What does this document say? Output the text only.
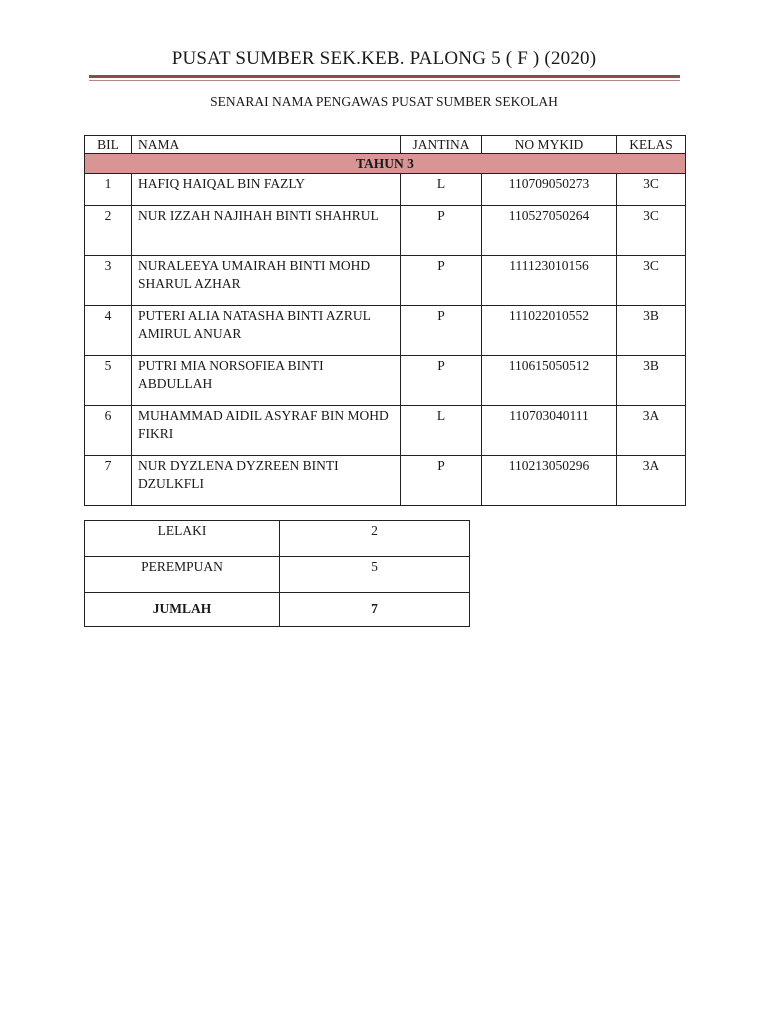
PUSAT SUMBER SEK.KEB. PALONG 5 ( F ) (2020)
SENARAI NAMA PENGAWAS PUSAT SUMBER SEKOLAH
BIL	NAMA	JANTINA	NO MYKID	KELAS
TAHUN 3				
1	HAFIQ HAIQAL BIN FAZLY	L	110709050273	3C
2	NUR IZZAH NAJIHAH BINTI SHAHRUL	P	110527050264	3C
3	NURALEEYA UMAIRAH BINTI MOHD SHARUL AZHAR	P	111123010156	3C
4	PUTERI ALIA NATASHA BINTI AZRUL AMIRUL ANUAR	P	111022010552	3B
5	PUTRI MIA NORSOFIEA BINTI ABDULLAH	P	110615050512	3B
6	MUHAMMAD AIDIL ASYRAF BIN MOHD FIKRI	L	110703040111	3A
7	NUR DYZLENA DYZREEN BINTI DZULKFLI	P	110213050296	3A
LELAKI	2
PEREMPUAN	5
JUMLAH	7
